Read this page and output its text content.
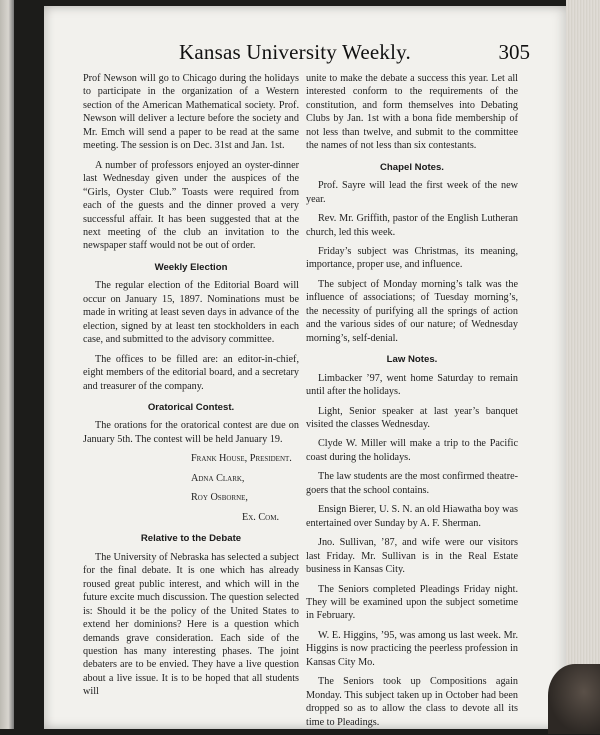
Kansas University Weekly.	305

Prof Newson will go to Chicago during the holidays to participate in the organization of a Western section of the American Mathematical society. Prof. Newson will deliver a lecture before the society and Mr. Emch will send a paper to be read at the same meeting. The session is on Dec. 31st and Jan. 1st.

A number of professors enjoyed an oyster-dinner last Wednesday given under the auspices of the “Girls, Oyster Club.” Toasts were required from each of the guests and the dinner proved a very successful affair. It has been suggested that at the next meeting of the club an invitation to the newspaper staff would not be out of order.

Weekly Election

The regular election of the Editorial Board will occur on January 15, 1897. Nominations must be made in writing at least seven days in advance of the election, signed by at least ten stockholders in each case, and submitted to the advisory committee.

The offices to be filled are: an editor-in-chief, eight members of the editorial board, and a secretary and treasurer of the company.

Oratorical Contest.

The orations for the oratorical contest are due on January 5th. The contest will be held January 19.

Frank House, President.

Adna Clark,

Roy Osborne,

Ex. Com.

Relative to the Debate

The University of Nebraska has selected a subject for the final debate. It is one which has already roused great public interest, and which will in the future excite much discussion. The question selected is: Should it be the policy of the United States to extend her dominions? Here is a question which demands grave consideration. Each side of the question has many interesting phases. The joint debaters are to be envied. They have a live question about a live issue. It is to be hoped that all students will

unite to make the debate a success this year. Let all interested conform to the requirements of the constitution, and form themselves into Debating Clubs by Jan. 1st with a bona fide membership of not less than twelve, and submit to the committee the names of not less than six contestants.

Chapel Notes.

Prof. Sayre will lead the first week of the new year.

Rev. Mr. Griffith, pastor of the English Lutheran church, led this week.

Friday’s subject was Christmas, its meaning, importance, proper use, and influence.

The subject of Monday morning’s talk was the influence of associations; of Tuesday morning’s, the necessity of purifying all the springs of action and the various sides of our nature; of Wednesday morning’s, self-denial.

Law Notes.

Limbacker ’97, went home Saturday to remain until after the holidays.

Light, Senior speaker at last year’s banquet visited the classes Wednesday.

Clyde W. Miller will make a trip to the Pacific coast during the holidays.

The law students are the most confirmed theatre-goers that the school contains.

Ensign Bierer, U. S. N. an old Hiawatha boy was entertained over Sunday by A. F. Sherman.

Jno. Sullivan, ’87, and wife were our visitors last Friday. Mr. Sullivan is in the Real Estate business in Kansas City.

The Seniors completed Pleadings Friday night. They will be examined upon the subject sometime in February.

W. E. Higgins, ’95, was among us last week. Mr. Higgins is now practicing the peerless profession in Kansas City Mo.

The Seniors took up Compositions again Monday. This subject taken up in October had been dropped so as to allow the class to devote all its time to Pleadings.
